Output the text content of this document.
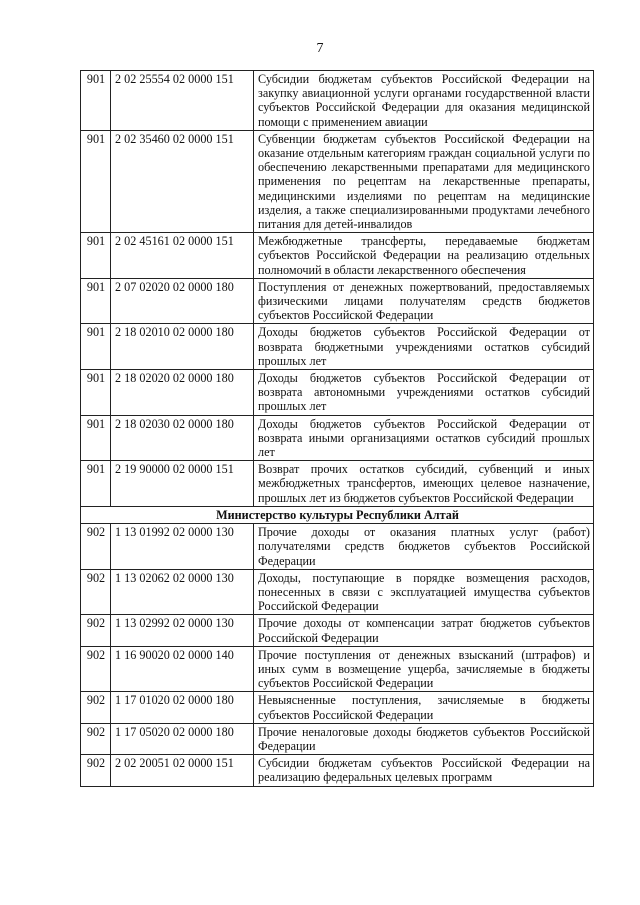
7
901	2 02 25554 02 0000 151	Субсидии бюджетам субъектов Российской Федерации на закупку авиационной услуги органами государственной власти субъектов Российской Федерации для оказания медицинской помощи с применением авиации
901	2 02 35460 02 0000 151	Субвенции бюджетам субъектов Российской Федерации на оказание отдельным категориям граждан социальной услуги по обеспечению лекарственными препаратами для медицинского применения по рецептам на лекарственные препараты, медицинскими изделиями по рецептам на медицинские изделия, а также специализированными продуктами лечебного питания для детей-инвалидов
901	2 02 45161 02 0000 151	Межбюджетные трансферты, передаваемые бюджетам субъектов Российской Федерации на реализацию отдельных полномочий в области лекарственного обеспечения
901	2 07 02020 02 0000 180	Поступления от денежных пожертвований, предоставляемых физическими лицами получателям средств бюджетов субъектов Российской Федерации
901	2 18 02010 02 0000 180	Доходы бюджетов субъектов Российской Федерации от возврата бюджетными учреждениями остатков субсидий прошлых лет
901	2 18 02020 02 0000 180	Доходы бюджетов субъектов Российской Федерации от возврата автономными учреждениями остатков субсидий прошлых лет
901	2 18 02030 02 0000 180	Доходы бюджетов субъектов Российской Федерации от возврата иными организациями остатков субсидий прошлых лет
901	2 19 90000 02 0000 151	Возврат прочих остатков субсидий, субвенций и иных межбюджетных трансфертов, имеющих целевое назначение, прошлых лет из бюджетов субъектов Российской Федерации
Министерство культуры Республики Алтай		
902	1 13 01992 02 0000 130	Прочие доходы от оказания платных услуг (работ) получателями средств бюджетов субъектов Российской Федерации
902	1 13 02062 02 0000 130	Доходы, поступающие в порядке возмещения расходов, понесенных в связи с эксплуатацией имущества субъектов Российской Федерации
902	1 13 02992 02 0000 130	Прочие доходы от компенсации затрат бюджетов субъектов Российской Федерации
902	1 16 90020 02 0000 140	Прочие поступления от денежных взысканий (штрафов) и иных сумм в возмещение ущерба, зачисляемые в бюджеты субъектов Российской Федерации
902	1 17 01020 02 0000 180	Невыясненные поступления, зачисляемые в бюджеты субъектов Российской Федерации
902	1 17 05020 02 0000 180	Прочие неналоговые доходы бюджетов субъектов Российской Федерации
902	2 02 20051 02 0000 151	Субсидии бюджетам субъектов Российской Федерации на реализацию федеральных целевых программ
